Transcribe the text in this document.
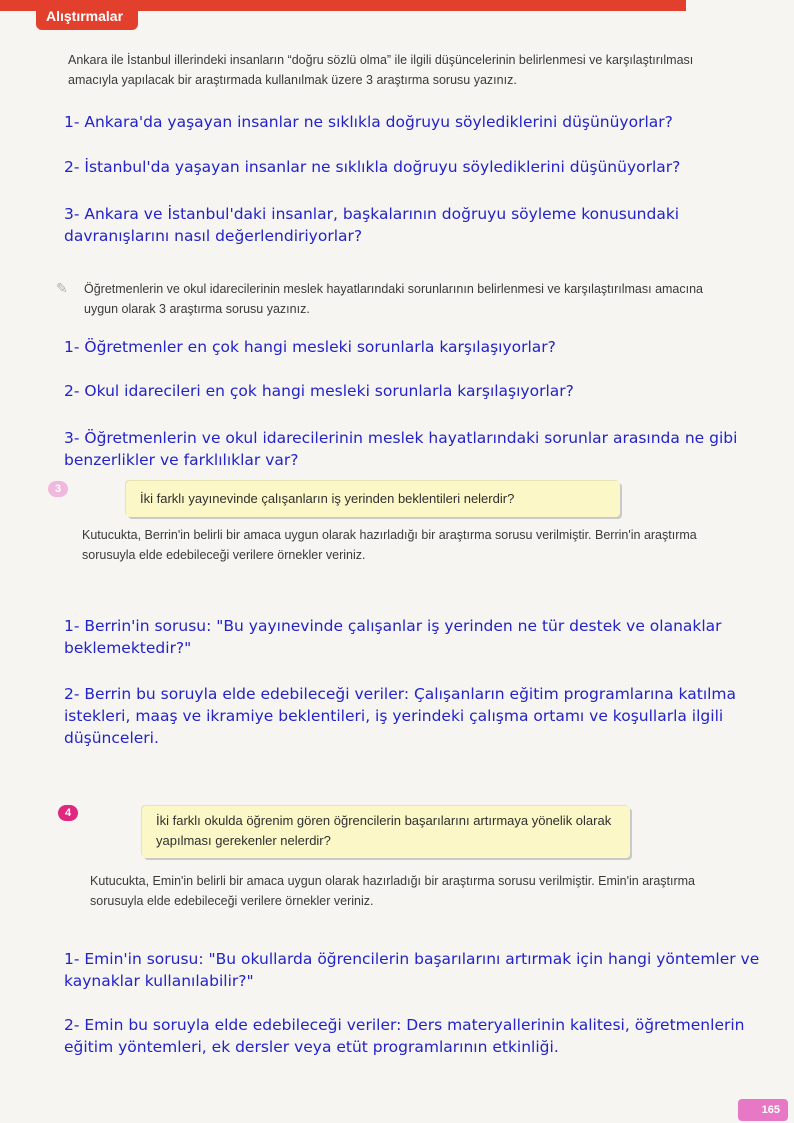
Alıştırmalar
Ankara ile İstanbul illerindeki insanların “doğru sözlü olma” ile ilgili düşüncelerinin belirlenmesi ve karşılaştırılması amacıyla yapılacak bir araştırmada kullanılmak üzere 3 araştırma sorusu yazınız.
1- Ankara'da yaşayan insanlar ne sıklıkla doğruyu söylediklerini düşünüyorlar?
2- İstanbul'da yaşayan insanlar ne sıklıkla doğruyu söylediklerini düşünüyorlar?
3- Ankara ve İstanbul'daki insanlar, başkalarının doğruyu söyleme konusundaki davranışlarını nasıl değerlendiriyorlar?
✎ Öğretmenlerin ve okul idarecilerinin meslek hayatlarındaki sorunlarının belirlenmesi ve karşılaştırılması amacına uygun olarak 3 araştırma sorusu yazınız.
1- Öğretmenler en çok hangi mesleki sorunlarla karşılaşıyorlar?
2- Okul idarecileri en çok hangi mesleki sorunlarla karşılaşıyorlar?
3- Öğretmenlerin ve okul idarecilerinin meslek hayatlarındaki sorunlar arasında ne gibi benzerlikler ve farklılıklar var?
3
İki farklı yayınevinde çalışanların iş yerinden beklentileri nelerdir?
Kutucukta, Berrin'in belirli bir amaca uygun olarak hazırladığı bir araştırma sorusu verilmiştir. Berrin'in araştırma sorusuyla elde edebileceği verilere örnekler veriniz.
1- Berrin'in sorusu: "Bu yayınevinde çalışanlar iş yerinden ne tür destek ve olanaklar beklemektedir?"
2- Berrin bu soruyla elde edebileceği veriler: Çalışanların eğitim programlarına katılma istekleri, maaş ve ikramiye beklentileri, iş yerindeki çalışma ortamı ve koşullarla ilgili düşünceleri.
4	İki farklı okulda öğrenim gören öğrencilerin başarılarını artırmaya yönelik olarak yapılması gerekenler nelerdir?
Kutucukta, Emin'in belirli bir amaca uygun olarak hazırladığı bir araştırma sorusu verilmiştir. Emin'in araştırma sorusuyla elde edebileceği verilere örnekler veriniz.
1- Emin'in sorusu: "Bu okullarda öğrencilerin başarılarını artırmak için hangi yöntemler ve kaynaklar kullanılabilir?"
2- Emin bu soruyla elde edebileceği veriler: Ders materyallerinin kalitesi, öğretmenlerin eğitim yöntemleri, ek dersler veya etüt programlarının etkinliği.
165
